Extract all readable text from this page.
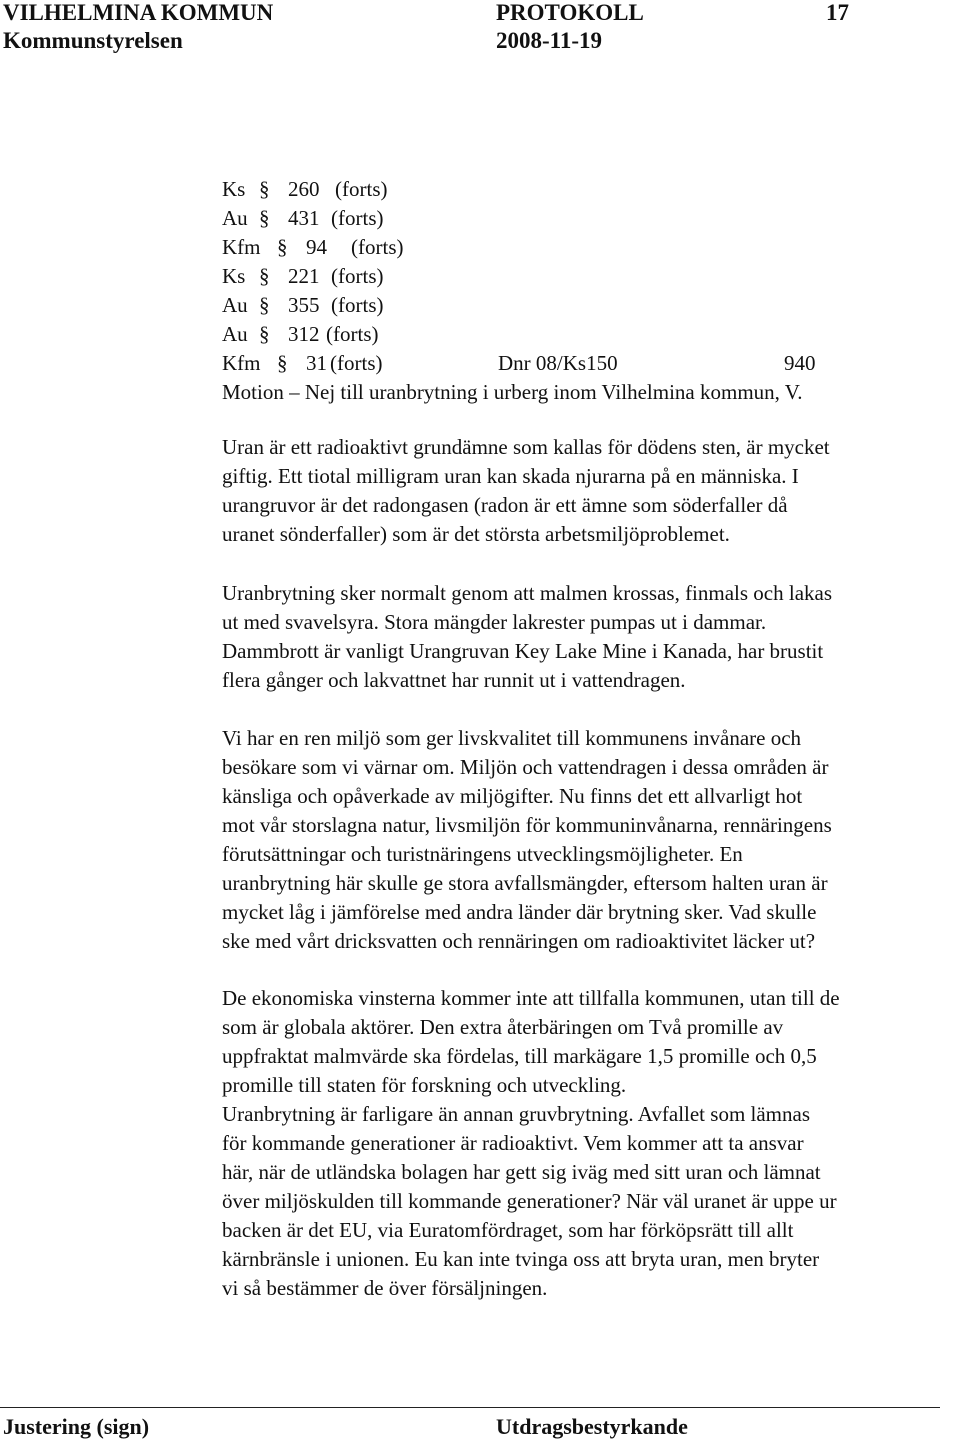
VILHELMINA KOMMUN	PROTOKOLL	17
Kommunstyrelsen	2008-11-19
Ks § 260 (forts)
Au § 431 (forts)
Kfm § 94 (forts)
Ks § 221 (forts)
Au § 355 (forts)
Au § 312 (forts)
Kfm § 31 (forts)	Dnr 08/Ks150	940
Motion – Nej till uranbrytning i urberg inom Vilhelmina kommun, V.

Uran är ett radioaktivt grundämne som kallas för dödens sten, är mycket

giftig. Ett tiotal milligram uran kan skada njurarna på en människa. I

urangruvor är det radongasen (radon är ett ämne som söderfaller då

uranet sönderfaller) som är det största arbetsmiljöproblemet.

Uranbrytning sker normalt genom att malmen krossas, finmals och lakas

ut med svavelsyra. Stora mängder lakrester pumpas ut i dammar.

Dammbrott är vanligt Urangruvan Key Lake Mine i Kanada, har brustit

flera gånger och lakvattnet har runnit ut i vattendragen.

Vi har en ren miljö som ger livskvalitet till kommunens invånare och

besökare som vi värnar om. Miljön och vattendragen i dessa områden är

känsliga och opåverkade av miljögifter. Nu finns det ett allvarligt hot

mot vår storslagna natur, livsmiljön för kommuninvånarna, rennäringens

förutsättningar och turistnäringens utvecklingsmöjligheter. En

uranbrytning här skulle ge stora avfallsmängder, eftersom halten uran är

mycket låg i jämförelse med andra länder där brytning sker. Vad skulle

ske med vårt dricksvatten och rennäringen om radioaktivitet läcker ut?

De ekonomiska vinsterna kommer inte att tillfalla kommunen, utan till de

som är globala aktörer. Den extra återbäringen om Två promille av

uppfraktat malmvärde ska fördelas, till markägare 1,5 promille och 0,5

promille till staten för forskning och utveckling.

Uranbrytning är farligare än annan gruvbrytning. Avfallet som lämnas

för kommande generationer är radioaktivt. Vem kommer att ta ansvar

här, när de utländska bolagen har gett sig iväg med sitt uran och lämnat

över miljöskulden till kommande generationer? När väl uranet är uppe ur

backen är det EU, via Euratomfördraget, som har förköpsrätt till allt

kärnbränsle i unionen. Eu kan inte tvinga oss att bryta uran, men bryter

vi så bestämmer de över försäljningen.

Justering (sign)	Utdragsbestyrkande
